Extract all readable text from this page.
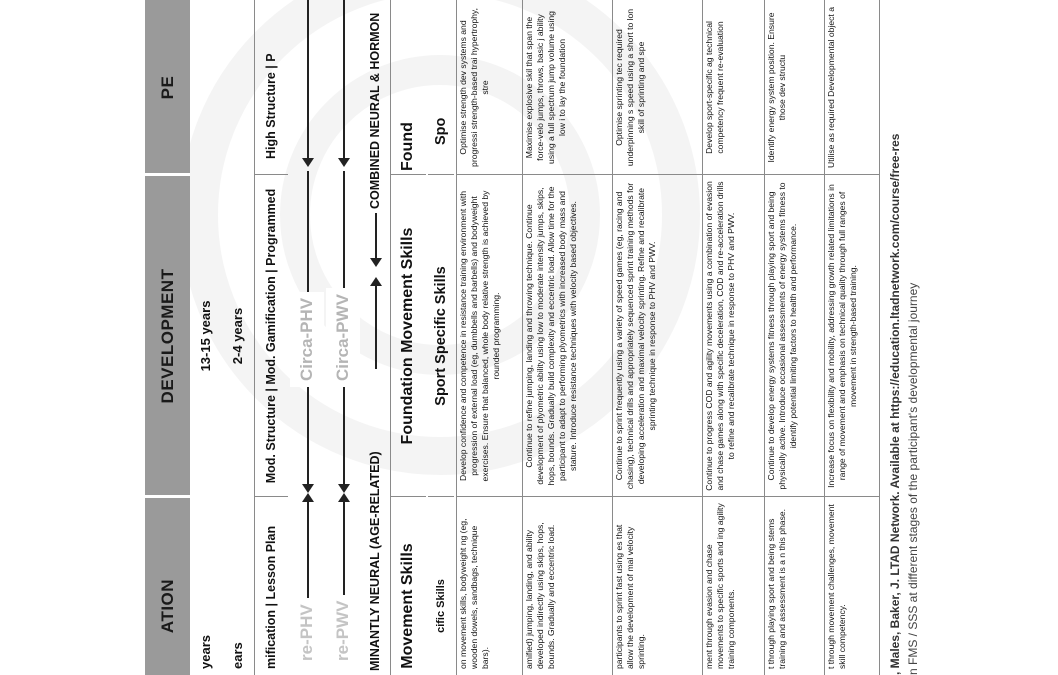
ATION
DEVELOPMENT
PE
years
13-15 years
ears
2-4 years
mification | Lesson Plan
Mod. Structure | Mod. Gamification | Programmed
High Structure | P
re-PHV
Circa-PHV
re-PWV
Circa-PWV
MINANTLY NEURAL (AGE-RELATED)
COMBINED NEURAL & HORMON
Movement Skills
Foundation Movement Skills
Found
cific Skills
Sport Specific Skills
Spo
on movement skills, bodyweight ng (eg, wooden dowels, sandbags, technique bars).
Develop confidence and competence in resistance training environment with progression of external load (eg, dumbbells and barbells) and bodyweight exercises. Ensure that balanced, whole body relative strength is achieved by rounded programming.
Optimise strength dev systems and progressi strength-based trai hypertrophy, stre
amified) jumping, landing, and ability developed indirectly using skips, hops, bounds. Gradually and eccentric load.
Continue to refine jumping, landing and throwing technique. Continue development of plyometric ability using low to moderate intensity jumps, skips, hops, bounds. Gradually build complexity and eccentric load. Allow time for the participant to adapt to performing plyometrics with increased body mass and stature. Introduce resistance techniques with velocity based objectives.
Maximise explosive skil that span the force-velo jumps, throws, basic j ability using a full spectrum jump volume using low i to lay the foundation
participants to sprint fast using es that allow the development of mal velocity sprinting.
Continue to sprint frequently using a variety of speed games (eg, racing and chasing), technical drills and appropriately sequenced sprint training methods for developing acceleration and maximal velocity sprinting. Refine and recalibrate sprinting technique in response to PHV and PWV.
Optimise sprinting tec required underpinning s speed using a short to lon skill of sprinting and spe
ment through evasion and chase movements to specific sports and ing agility training components.
Continue to progress COD and agility movements using a combination of evasion and chase games along with specific deceleration, COD and re-acceleration drills to refine and recalibrate technique in response to PHV and PWV.
Develop sport-specific ag technical competency frequent re-evaluation
t through playing sport and being stems training and assessment is a n this phase.
Continue to develop energy systems fitness through playing sport and being physically active. Introduce occasional assessments of energy systems fitness to identify potential limiting factors to health and performance.
Identify energy system position. Ensure those dev structu
t through movement challenges, movement skill competency.
Increase focus on flexibility and mobility, addressing growth related limitations in range of movement and emphasis on technical quality through full ranges of movement in strength-based training.
Utilise as required Developmental object a
, Males, Baker, J. LTAD Network. Available at https://education.ltadnetwork.com/course/free-res
n FMS / SSS at different stages of the participant's developmental journey
